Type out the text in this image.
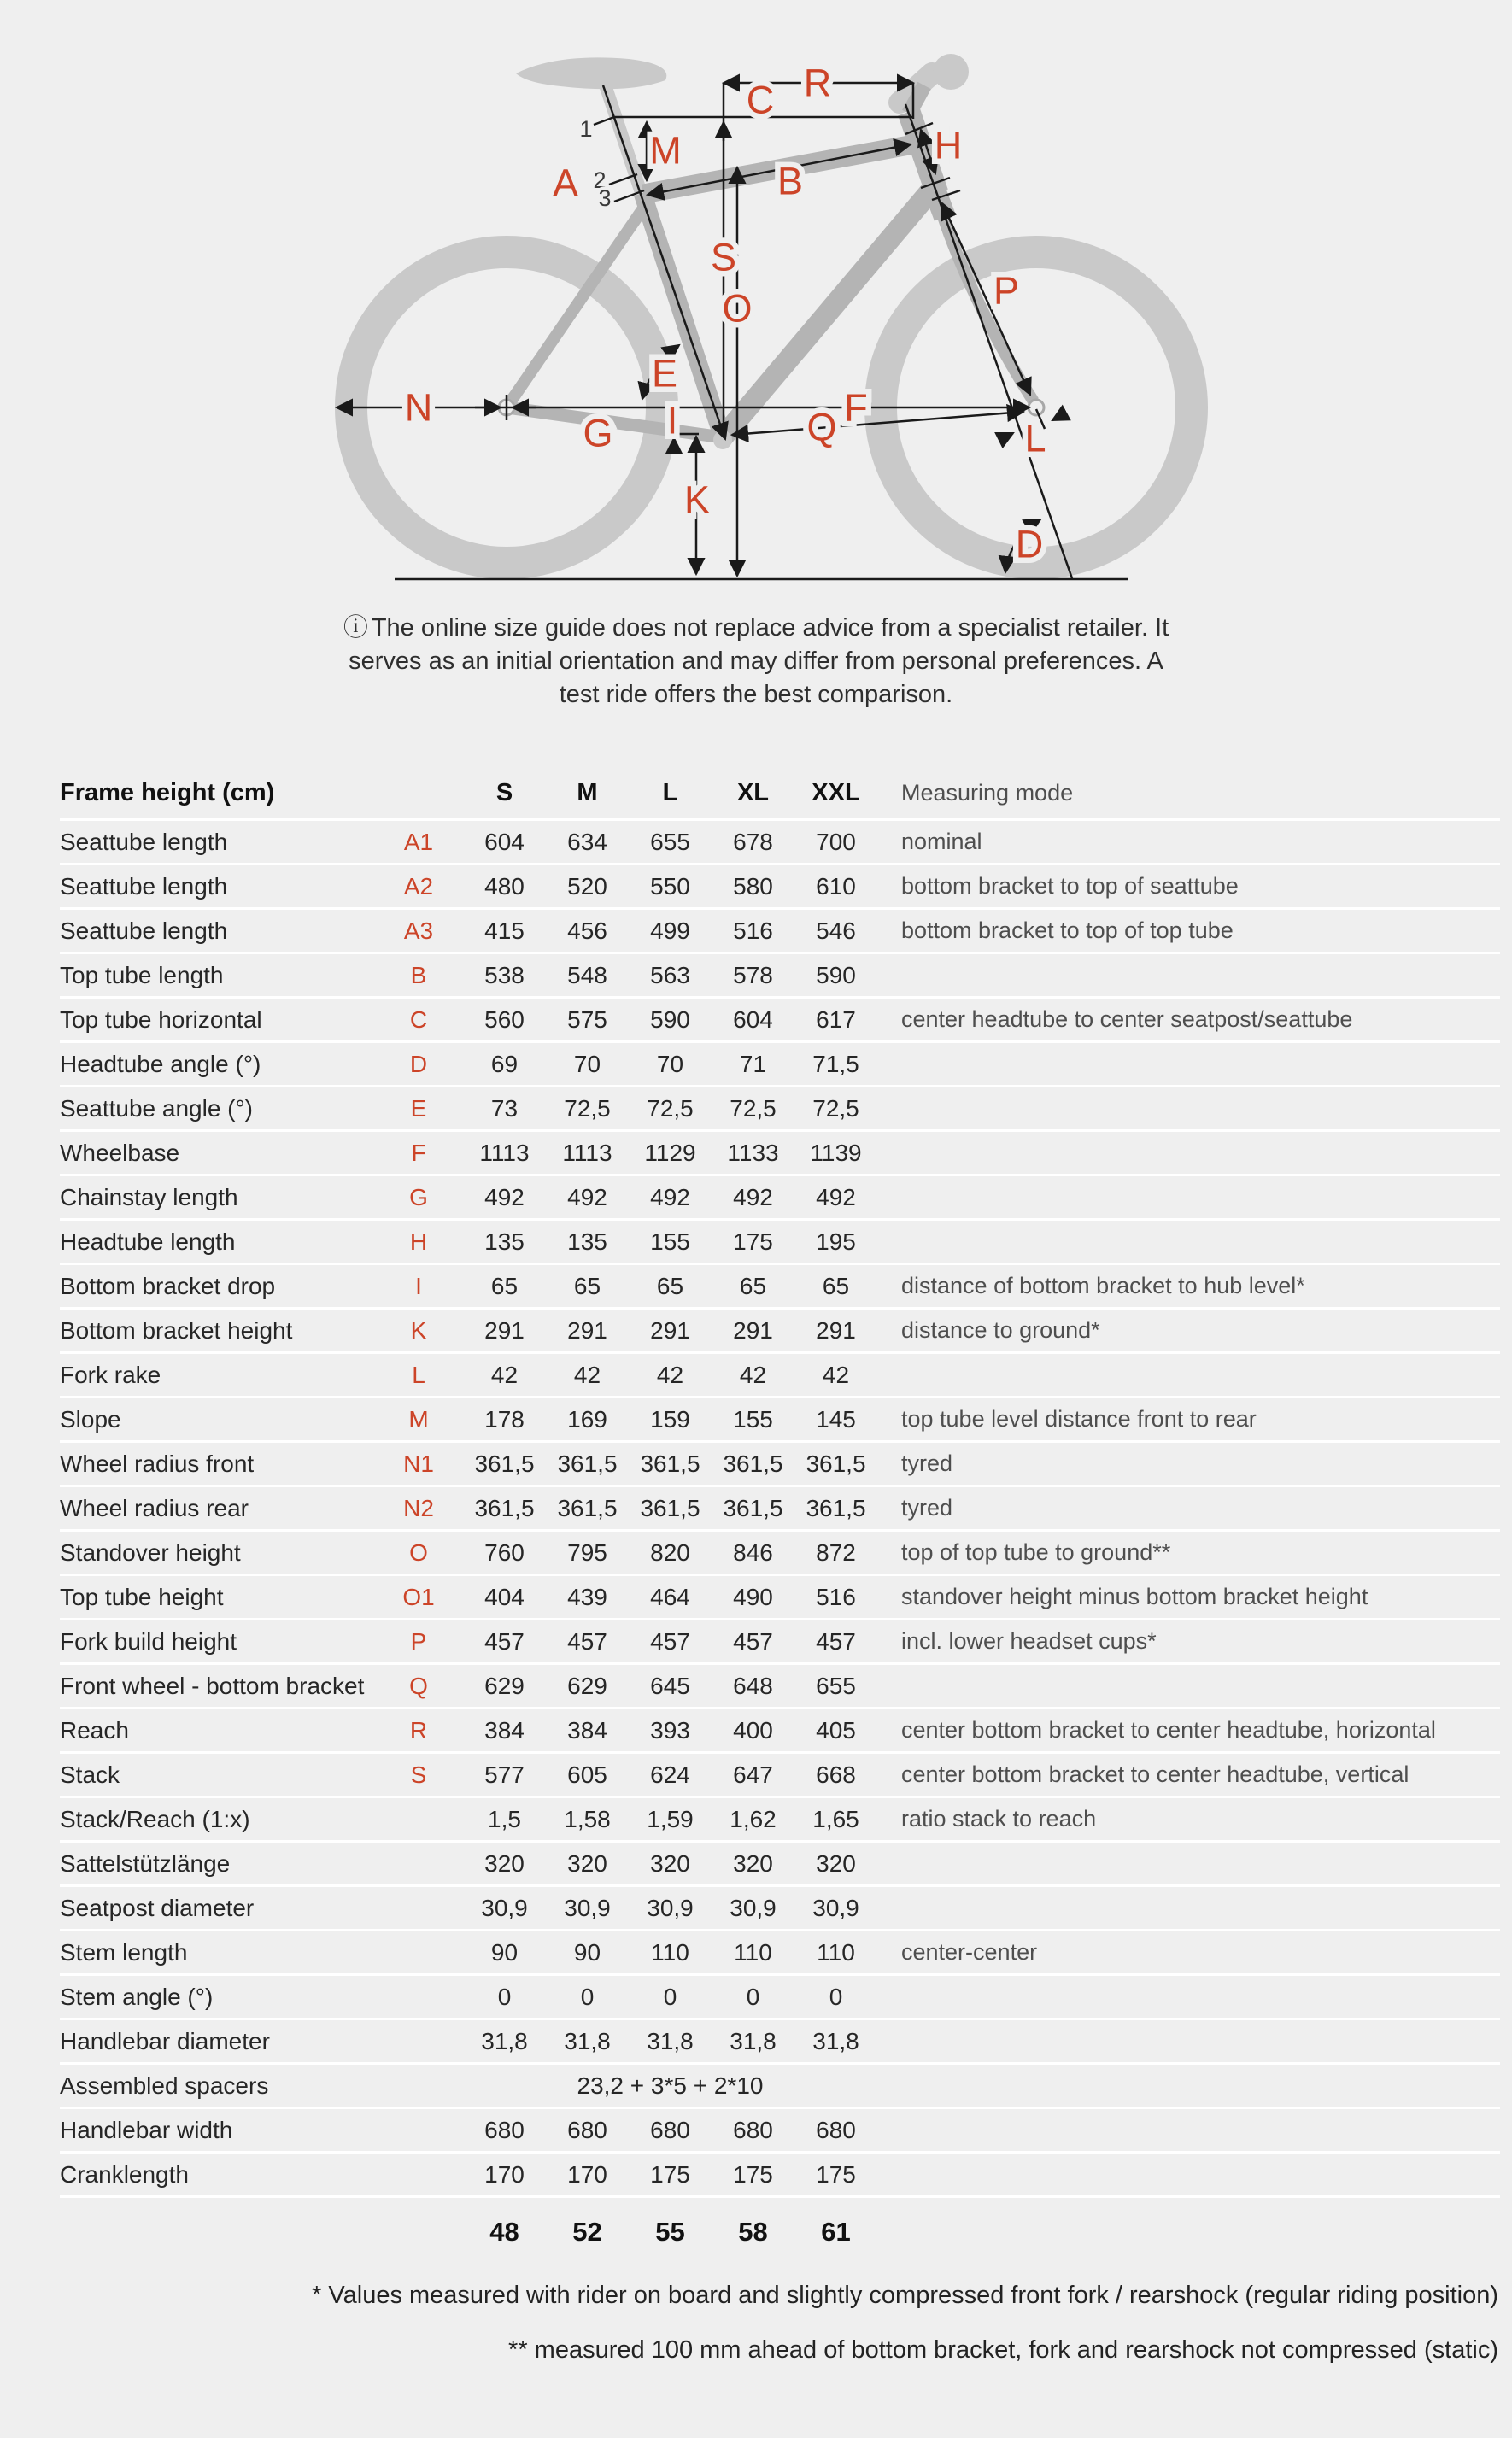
A	B
C
D
E
F
G
H
I
K
L
M
N
O	P
Q
R
S
1
2
3
ⓘ The online size guide does not replace advice from a specialist retailer. It
serves as an initial orientation and may differ from personal preferences. A
test ride offers the best comparison.
Frame height (cm)	S	M	L	XL	XXL	Measuring mode
Seattube length	A1	604	634	655	678	700	nominal
Seattube length	A2	480	520	550	580	610	bottom bracket to top of seattube
Seattube length	A3	415	456	499	516	546	bottom bracket to top of top tube
Top tube length	B	538	548	563	578	590
Top tube horizontal	C	560	575	590	604	617	center headtube to center seatpost/seattube
Headtube angle (°)	D	69	70	70	71	71,5
Seattube angle (°)	E	73	72,5	72,5	72,5	72,5
Wheelbase	F	1113	1113	1129	1133	1139
Chainstay length	G	492	492	492	492	492
Headtube length	H	135	135	155	175	195
Bottom bracket drop	I	65	65	65	65	65	distance of bottom bracket to hub level*
Bottom bracket height	K	291	291	291	291	291	distance to ground*
Fork rake	L	42	42	42	42	42
Slope	M	178	169	159	155	145	top tube level distance front to rear
Wheel radius front	N1	361,5 361,5 361,5 361,5 361,5	tyred
Wheel radius rear	N2	361,5 361,5 361,5 361,5 361,5	tyred
Standover height	O	760	795	820	846	872	top of top tube to ground**
Top tube height	O1	404	439	464	490	516	standover height minus bottom bracket height
Fork build height	P	457	457	457	457	457	incl. lower headset cups*
Front wheel - bottom bracket	Q	629	629	645	648	655
Reach	R	384	384	393	400	405	center bottom bracket to center headtube, horizontal
Stack	S	577	605	624	647	668	center bottom bracket to center headtube, vertical
Stack/Reach (1:x)	1,5	1,58	1,59	1,62	1,65	ratio stack to reach
Sattelstützlänge	320	320	320	320	320
Seatpost diameter	30,9	30,9	30,9	30,9	30,9
Stem length	90	90	110	110	110	center-center
Stem angle (°)	0	0	0	0	0
Handlebar diameter	31,8	31,8	31,8	31,8	31,8
Assembled spacers	23,2 + 3*5 + 2*10
Handlebar width	680	680	680	680	680
Cranklength	170	170	175	175	175
48	52	55	58	61
* Values measured with rider on board and slightly compressed front fork / rearshock (regular riding position)
** measured 100 mm ahead of bottom bracket, fork and rearshock not compressed (static)
